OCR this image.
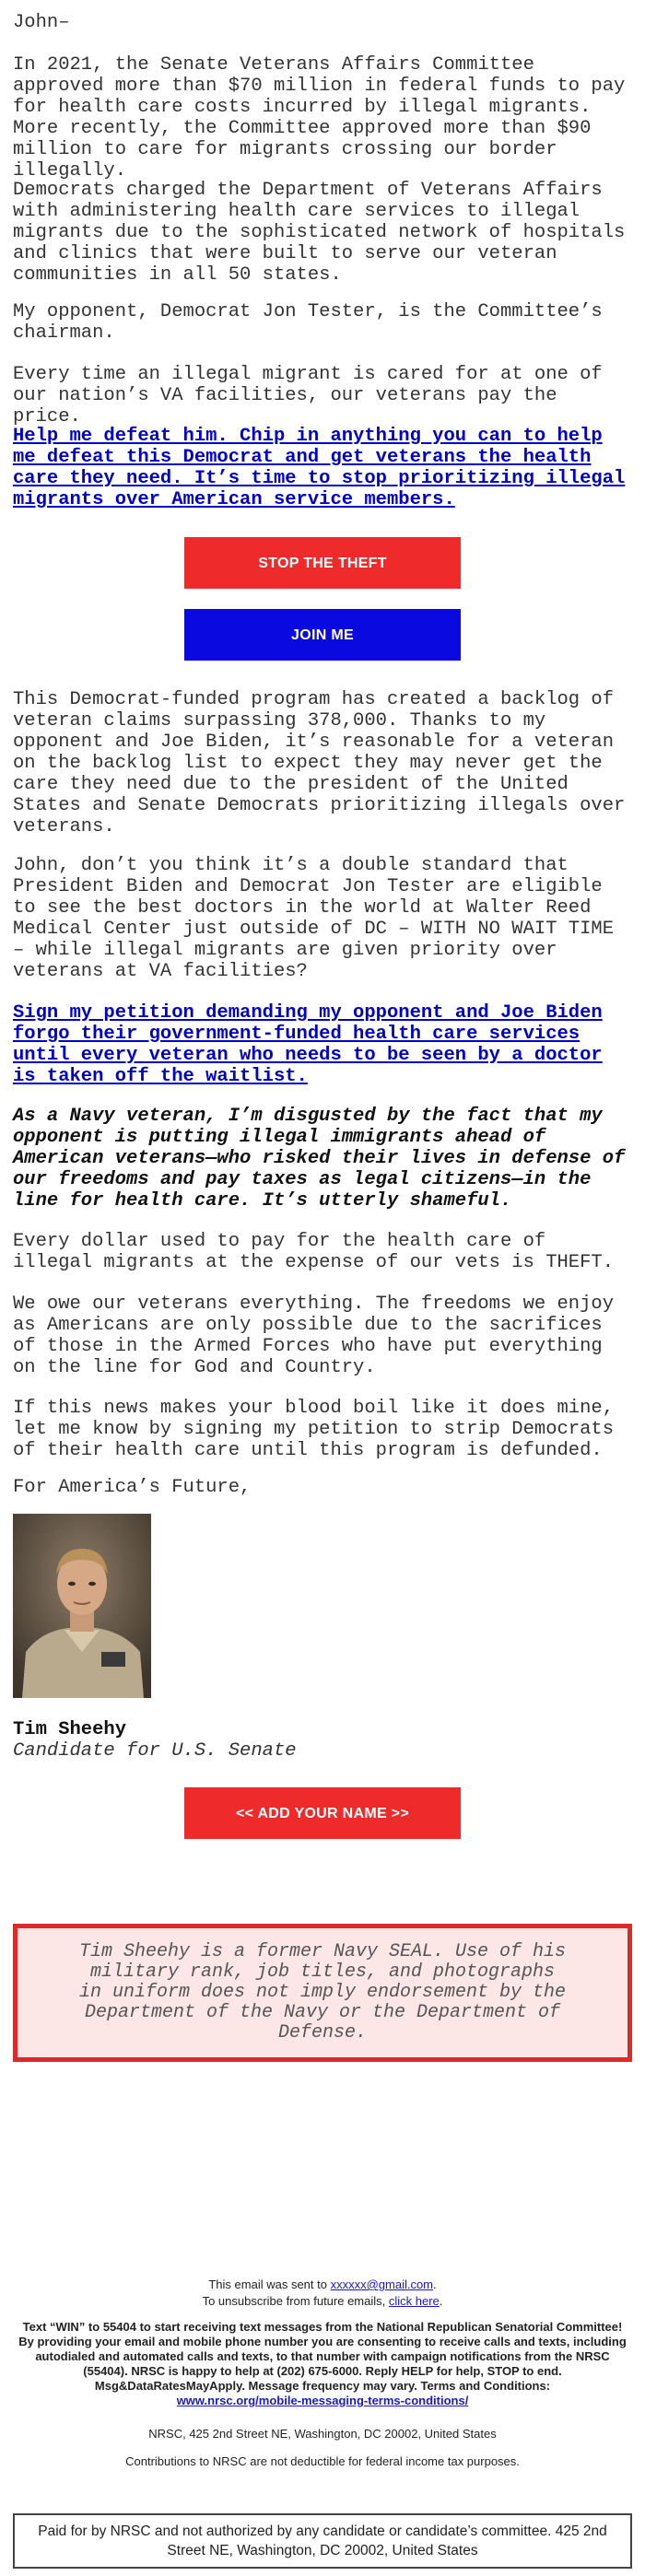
John–

In 2021, the Senate Veterans Affairs Committee approved more than $70 million in federal funds to pay for health care costs incurred by illegal migrants. More recently, the Committee approved more than $90 million to care for migrants crossing our border illegally.

Democrats charged the Department of Veterans Affairs with administering health care services to illegal migrants due to the sophisticated network of hospitals and clinics that were built to serve our veteran communities in all 50 states.

My opponent, Democrat Jon Tester, is the Committee’s chairman.

Every time an illegal migrant is cared for at one of our nation’s VA facilities, our veterans pay the price.

Help me defeat him. Chip in anything you can to help me defeat this Democrat and get veterans the health care they need. It’s time to stop prioritizing illegal migrants over American service members.
STOP THE THEFT
JOIN ME

This Democrat-funded program has created a backlog of veteran claims surpassing 378,000. Thanks to my opponent and Joe Biden, it’s reasonable for a veteran on the backlog list to expect they may never get the care they need due to the president of the United States and Senate Democrats prioritizing illegals over veterans.

John, don’t you think it’s a double standard that President Biden and Democrat Jon Tester are eligible to see the best doctors in the world at Walter Reed Medical Center just outside of DC – WITH NO WAIT TIME – while illegal migrants are given priority over veterans at VA facilities?

Sign my petition demanding my opponent and Joe Biden forgo their government-funded health care services until every veteran who needs to be seen by a doctor is taken off the waitlist.

As a Navy veteran, I’m disgusted by the fact that my opponent is putting illegal immigrants ahead of American veterans—who risked their lives in defense of our freedoms and pay taxes as legal citizens—in the line for health care. It’s utterly shameful.

Every dollar used to pay for the health care of illegal migrants at the expense of our vets is THEFT.

We owe our veterans everything. The freedoms we enjoy as Americans are only possible due to the sacrifices of those in the Armed Forces who have put everything on the line for God and Country.

If this news makes your blood boil like it does mine, let me know by signing my petition to strip Democrats of their health care until this program is defunded.

For America’s Future,

Tim Sheehy

Candidate for U.S. Senate

<< ADD YOUR NAME >>
Tim Sheehy is a former Navy SEAL. Use of his military rank, job titles, and photographs in uniform does not imply endorsement by the Department of the Navy or the Department of Defense.
This email was sent to xxxxxx@gmail.com.
To unsubscribe from future emails, click here.
Text “WIN” to 55404 to start receiving text messages from the National Republican Senatorial Committee! By providing your email and mobile phone number you are consenting to receive calls and texts, including autodialed and automated calls and texts, to that number with campaign notifications from the NRSC (55404). NRSC is happy to help at (202) 675-6000. Reply HELP for help, STOP to end. Msg&DataRatesMayApply. Message frequency may vary. Terms and Conditions:
www.nrsc.org/mobile-messaging-terms-conditions/
NRSC, 425 2nd Street NE, Washington, DC 20002, United States
Contributions to NRSC are not deductible for federal income tax purposes.
Paid for by NRSC and not authorized by any candidate or candidate’s committee. 425 2nd Street NE, Washington, DC 20002, United States
